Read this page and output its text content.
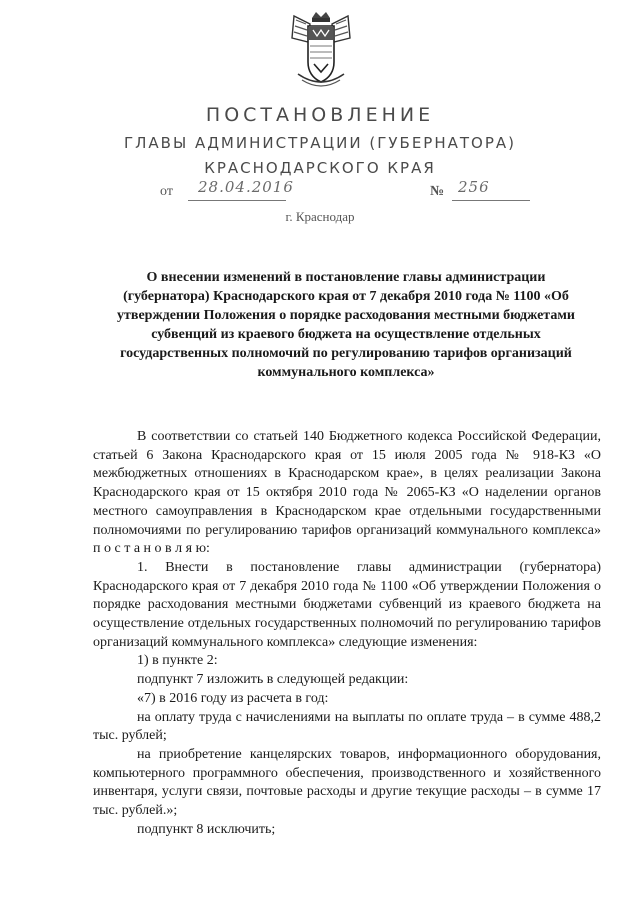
ПОСТАНОВЛЕНИЕ
ГЛАВЫ АДМИНИСТРАЦИИ (ГУБЕРНАТОРА)
КРАСНОДАРСКОГО КРАЯ
от 28.04.2016	№ 256
г. Краснодар
О внесении изменений в постановление главы администрации
(губернатора) Краснодарского края от 7 декабря 2010 года № 1100 «Об
утверждении Положения о порядке расходования местными бюджетами
субвенций из краевого бюджета на осуществление отдельных
государственных полномочий по регулированию тарифов организаций
коммунального комплекса»

В соответствии со статьей 140 Бюджетного кодекса Российской Федерации, статьей 6 Закона Краснодарского края от 15 июля 2005 года № 918-КЗ «О межбюджетных отношениях в Краснодарском крае», в целях реализации Закона Краснодарского края от 15 октября 2010 года № 2065-КЗ «О наделении органов местного самоуправления в Краснодарском крае отдельными государственными полномочиями по регулированию тарифов организаций коммунального комплекса» п о с т а н о в л я ю:

1. Внести в постановление главы администрации (губернатора) Краснодарского края от 7 декабря 2010 года № 1100 «Об утверждении Положения о порядке расходования местными бюджетами субвенций из краевого бюджета на осуществление отдельных государственных полномочий по регулированию тарифов организаций коммунального комплекса» следующие изменения:

1) в пункте 2:

подпункт 7 изложить в следующей редакции:

«7) в 2016 году из расчета в год:

на оплату труда с начислениями на выплаты по оплате труда – в сумме 488,2 тыс. рублей;

на приобретение канцелярских товаров, информационного оборудования, компьютерного программного обеспечения, производственного и хозяйственного инвентаря, услуги связи, почтовые расходы и другие текущие расходы – в сумме 17 тыс. рублей.»;

подпункт 8 исключить;
